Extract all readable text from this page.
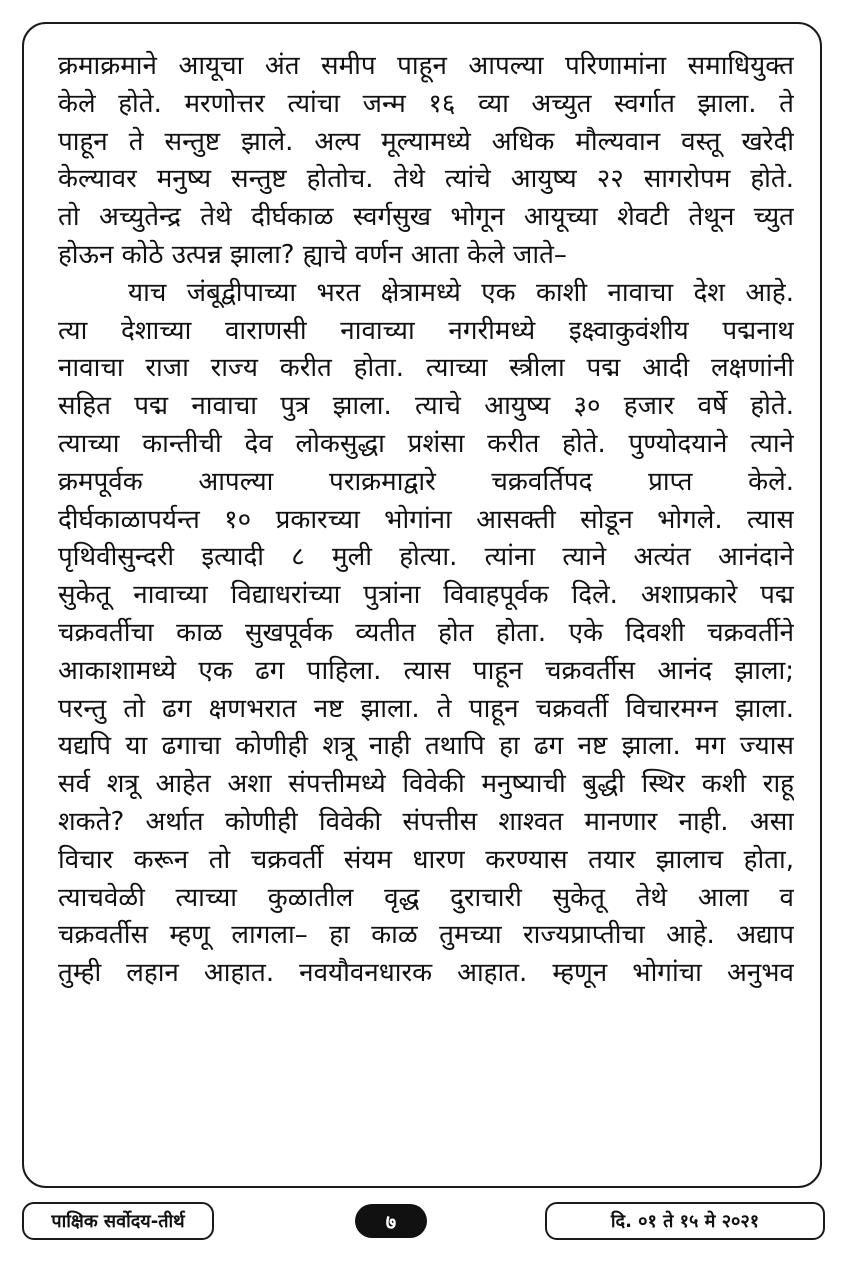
क्रमाक्रमाने आयूचा अंत समीप पाहून आपल्या परिणामांना समाधियुक्त
केले होते. मरणोत्तर त्यांचा जन्म १६ व्या अच्युत स्वर्गात झाला. ते
पाहून ते सन्तुष्ट झाले. अल्प मूल्यामध्ये अधिक मौल्यवान वस्तू खरेदी
केल्यावर मनुष्य सन्तुष्ट होतोच. तेथे त्यांचे आयुष्य २२ सागरोपम होते.
तो अच्युतेन्द्र तेथे दीर्घकाळ स्वर्गसुख भोगून आयूच्या शेवटी तेथून च्युत
होऊन कोठे उत्पन्न झाला? ह्याचे वर्णन आता केले जाते–
याच जंबूद्वीपाच्या भरत क्षेत्रामध्ये एक काशी नावाचा देश आहे.
त्या देशाच्या वाराणसी नावाच्या नगरीमध्ये इक्ष्वाकुवंशीय पद्मनाथ
नावाचा राजा राज्य करीत होता. त्याच्या स्त्रीला पद्म आदी लक्षणांनी
सहित पद्म नावाचा पुत्र झाला. त्याचे आयुष्य ३० हजार वर्षे होते.
त्याच्या कान्तीची देव लोकसुद्धा प्रशंसा करीत होते. पुण्योदयाने त्याने
क्रमपूर्वक आपल्या पराक्रमाद्वारे चक्रवर्तिपद प्राप्त केले.
दीर्घकाळापर्यन्त १० प्रकारच्या भोगांना आसक्ती सोडून भोगले. त्यास
पृथिवीसुन्दरी इत्यादी ८ मुली होत्या. त्यांना त्याने अत्यंत आनंदाने
सुकेतू नावाच्या विद्याधरांच्या पुत्रांना विवाहपूर्वक दिले. अशाप्रकारे पद्म
चक्रवर्तीचा काळ सुखपूर्वक व्यतीत होत होता. एके दिवशी चक्रवर्तीने
आकाशामध्ये एक ढग पाहिला. त्यास पाहून चक्रवर्तीस आनंद झाला;
परन्तु तो ढग क्षणभरात नष्ट झाला. ते पाहून चक्रवर्ती विचारमग्न झाला.
यद्यपि या ढगाचा कोणीही शत्रू नाही तथापि हा ढग नष्ट झाला. मग ज्यास
सर्व शत्रू आहेत अशा संपत्तीमध्ये विवेकी मनुष्याची बुद्धी स्थिर कशी राहू
शकते? अर्थात कोणीही विवेकी संपत्तीस शाश्वत मानणार नाही. असा
विचार करून तो चक्रवर्ती संयम धारण करण्यास तयार झालाच होता,
त्याचवेळी त्याच्या कुळातील वृद्ध दुराचारी सुकेतू तेथे आला व
चक्रवर्तीस म्हणू लागला– हा काळ तुमच्या राज्यप्राप्तीचा आहे. अद्याप
तुम्ही लहान आहात. नवयौवनधारक आहात. म्हणून भोगांचा अनुभव
पाक्षिक सर्वोदय-तीर्थ	७	दि. ०१ ते १५ मे २०२१
